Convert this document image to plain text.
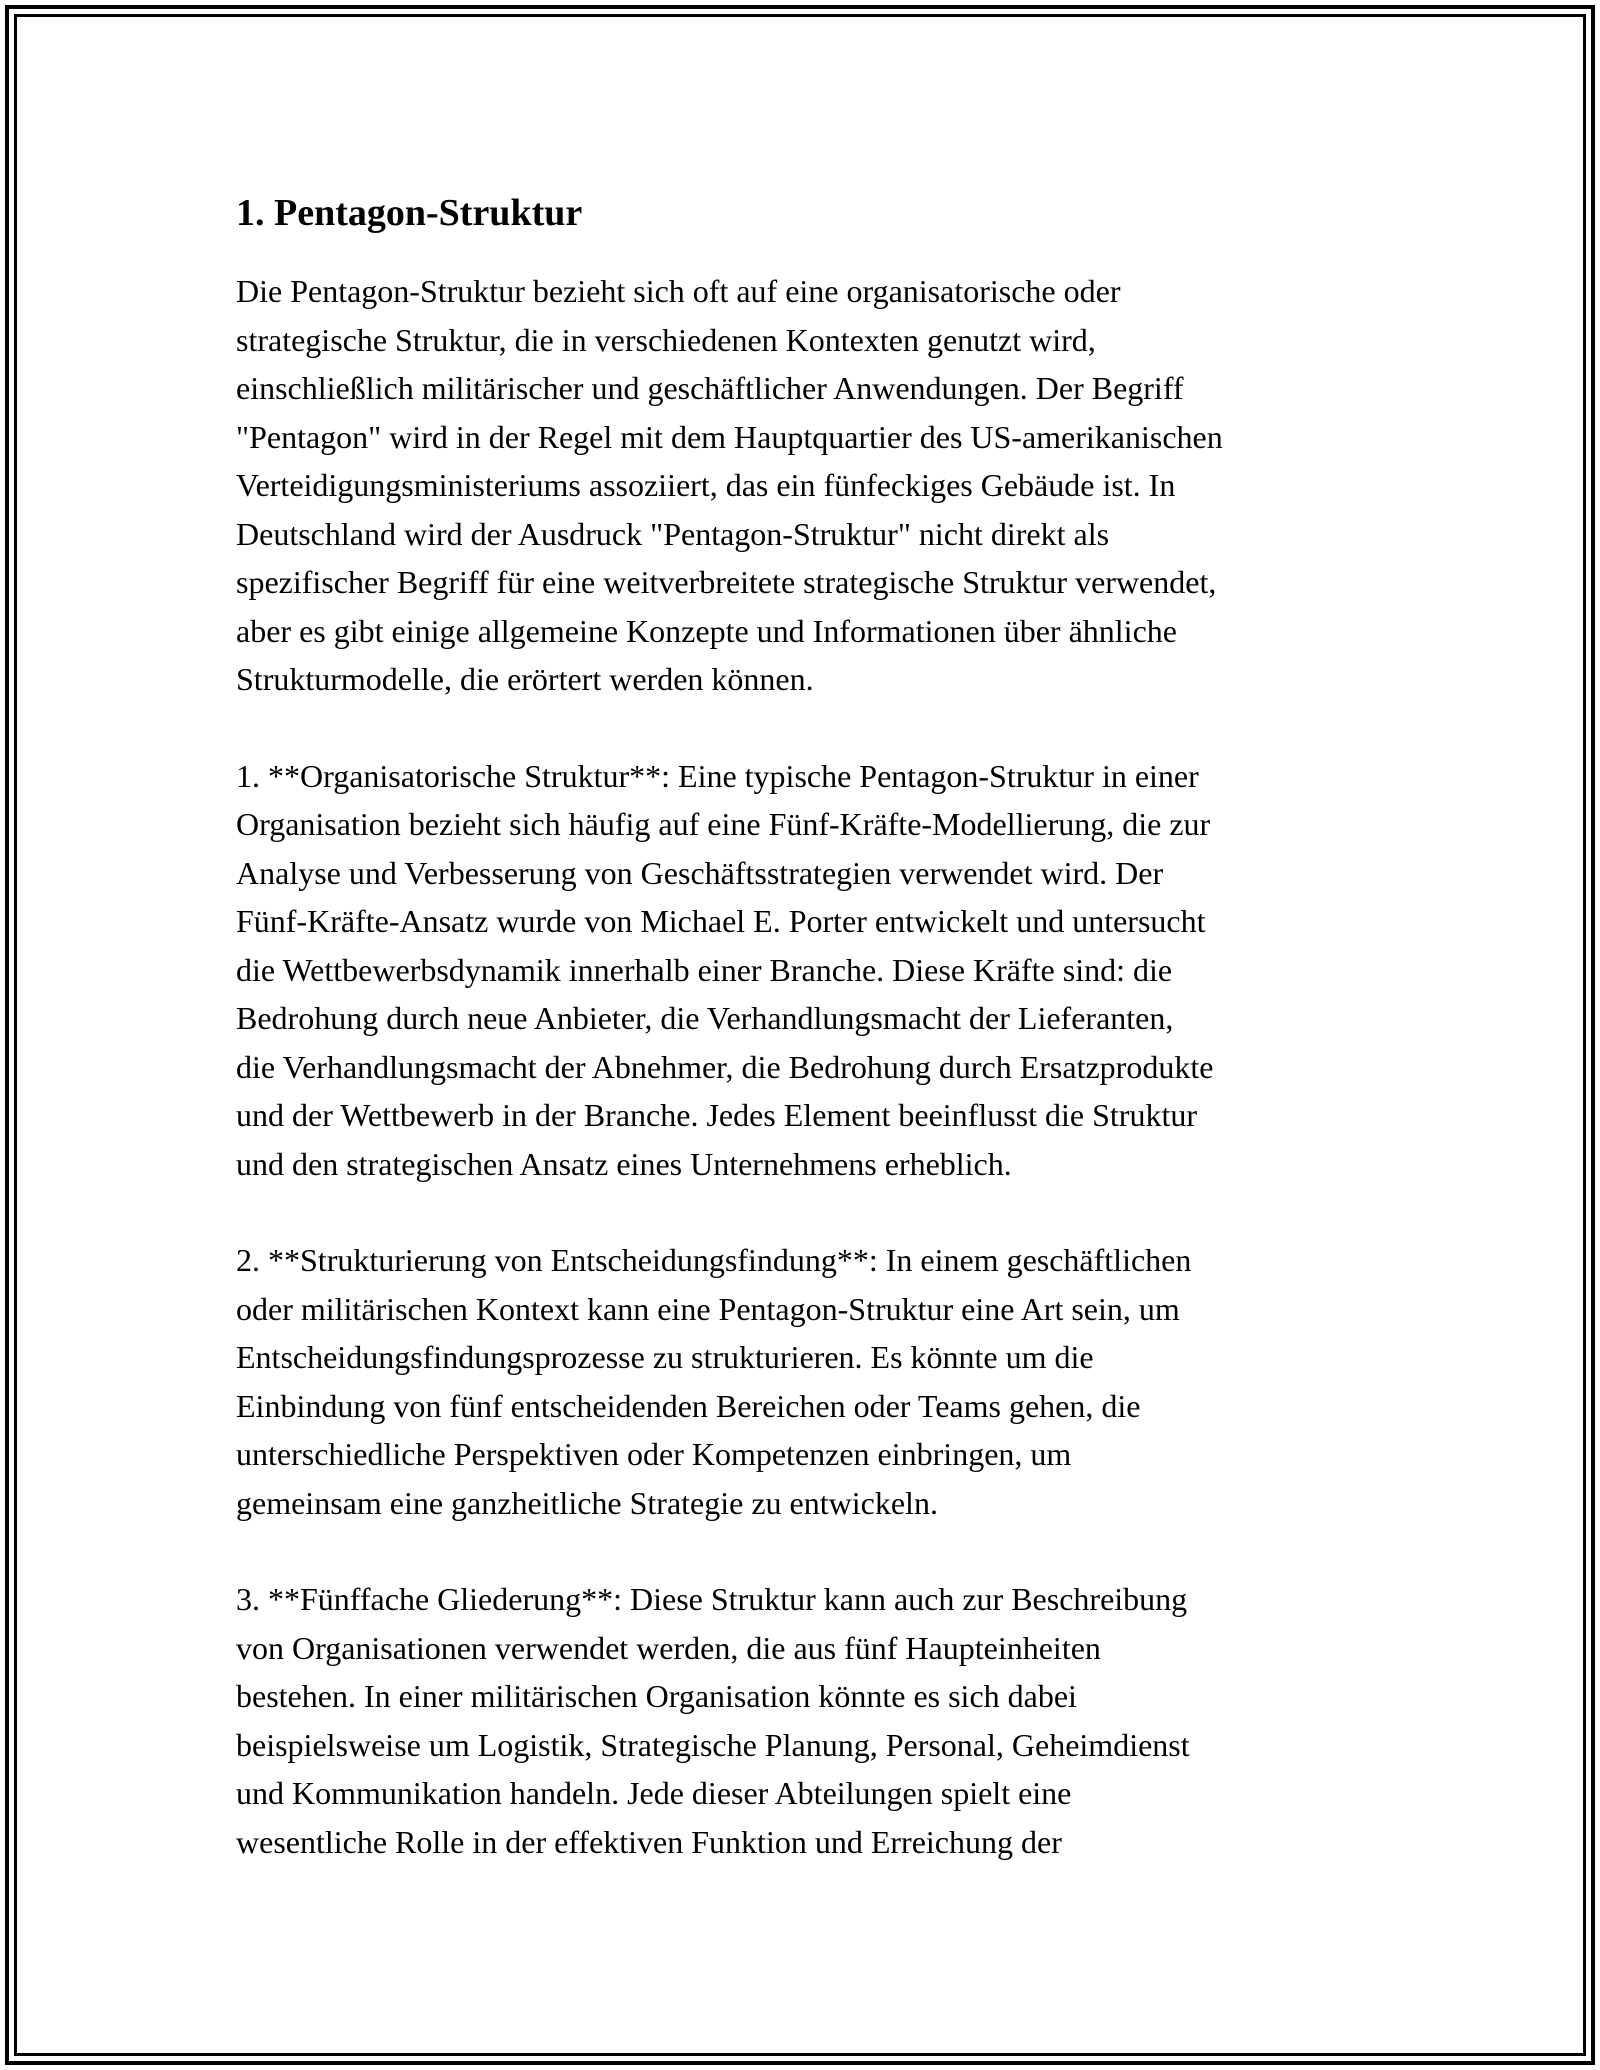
1. Pentagon-Struktur

Die Pentagon-Struktur bezieht sich oft auf eine organisatorische oder
strategische Struktur, die in verschiedenen Kontexten genutzt wird,
einschließlich militärischer und geschäftlicher Anwendungen. Der Begriff
"Pentagon" wird in der Regel mit dem Hauptquartier des US-amerikanischen
Verteidigungsministeriums assoziiert, das ein fünfeckiges Gebäude ist. In
Deutschland wird der Ausdruck "Pentagon-Struktur" nicht direkt als
spezifischer Begriff für eine weitverbreitete strategische Struktur verwendet,
aber es gibt einige allgemeine Konzepte und Informationen über ähnliche
Strukturmodelle, die erörtert werden können.

1. **Organisatorische Struktur**: Eine typische Pentagon-Struktur in einer
Organisation bezieht sich häufig auf eine Fünf-Kräfte-Modellierung, die zur
Analyse und Verbesserung von Geschäftsstrategien verwendet wird. Der
Fünf-Kräfte-Ansatz wurde von Michael E. Porter entwickelt und untersucht
die Wettbewerbsdynamik innerhalb einer Branche. Diese Kräfte sind: die
Bedrohung durch neue Anbieter, die Verhandlungsmacht der Lieferanten,
die Verhandlungsmacht der Abnehmer, die Bedrohung durch Ersatzprodukte
und der Wettbewerb in der Branche. Jedes Element beeinflusst die Struktur
und den strategischen Ansatz eines Unternehmens erheblich.

2. **Strukturierung von Entscheidungsfindung**: In einem geschäftlichen
oder militärischen Kontext kann eine Pentagon-Struktur eine Art sein, um
Entscheidungsfindungsprozesse zu strukturieren. Es könnte um die
Einbindung von fünf entscheidenden Bereichen oder Teams gehen, die
unterschiedliche Perspektiven oder Kompetenzen einbringen, um
gemeinsam eine ganzheitliche Strategie zu entwickeln.

3. **Fünffache Gliederung**: Diese Struktur kann auch zur Beschreibung
von Organisationen verwendet werden, die aus fünf Haupteinheiten
bestehen. In einer militärischen Organisation könnte es sich dabei
beispielsweise um Logistik, Strategische Planung, Personal, Geheimdienst
und Kommunikation handeln. Jede dieser Abteilungen spielt eine
wesentliche Rolle in der effektiven Funktion und Erreichung der
